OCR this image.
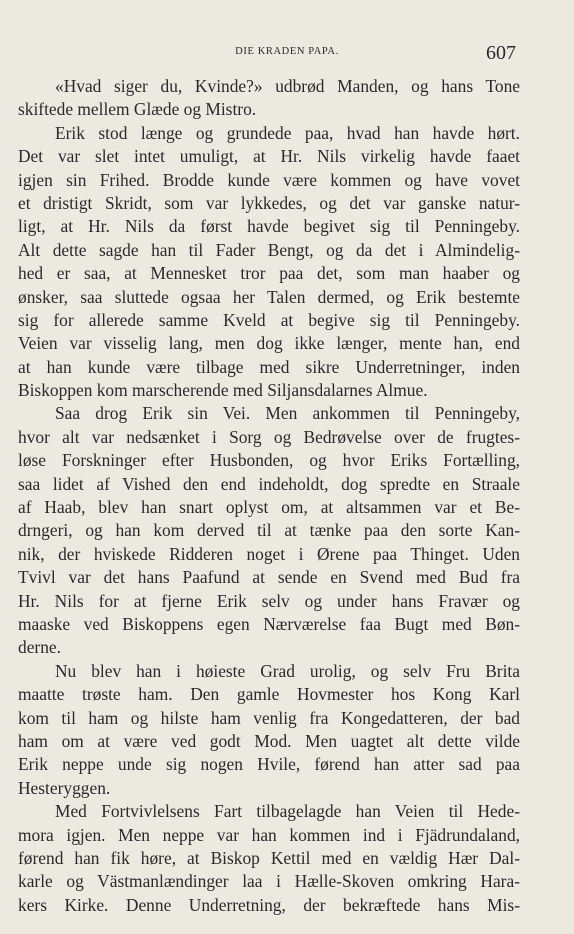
DIE KRADEN PAPA.	607
«Hvad siger du, Kvinde?» udbrød Manden, og hans Tone
skiftede mellem Glæde og Mistro.
Erik stod længe og grundede paa, hvad han havde hørt.
Det var slet intet umuligt, at Hr. Nils virkelig havde faaet
igjen sin Frihed. Brodde kunde være kommen og have vovet
et dristigt Skridt, som var lykkedes, og det var ganske natur-
ligt, at Hr. Nils da først havde begivet sig til Penningeby.
Alt dette sagde han til Fader Bengt, og da det i Almindelig-
hed er saa, at Mennesket tror paa det, som man haaber og
ønsker, saa sluttede ogsaa her Talen dermed, og Erik bestemte
sig for allerede samme Kveld at begive sig til Penningeby.
Veien var visselig lang, men dog ikke længer, mente han, end
at han kunde være tilbage med sikre Underretninger, inden
Biskoppen kom marscherende med Siljansdalarnes Almue.
Saa drog Erik sin Vei. Men ankommen til Penningeby,
hvor alt var nedsænket i Sorg og Bedrøvelse over de frugtes-
løse Forskninger efter Husbonden, og hvor Eriks Fortælling,
saa lidet af Vished den end indeholdt, dog spredte en Straale
af Haab, blev han snart oplyst om, at altsammen var et Be-
drngeri, og han kom derved til at tænke paa den sorte Kan-
nik, der hviskede Ridderen noget i Ørene paa Thinget. Uden
Tvivl var det hans Paafund at sende en Svend med Bud fra
Hr. Nils for at fjerne Erik selv og under hans Fravær og
maaske ved Biskoppens egen Nærværelse faa Bugt med Bøn-
derne.
Nu blev han i høieste Grad urolig, og selv Fru Brita
maatte trøste ham. Den gamle Hovmester hos Kong Karl
kom til ham og hilste ham venlig fra Kongedatteren, der bad
ham om at være ved godt Mod. Men uagtet alt dette vilde
Erik neppe unde sig nogen Hvile, førend han atter sad paa
Hesteryggen.
Med Fortvivlelsens Fart tilbagelagde han Veien til Hede-
mora igjen. Men neppe var han kommen ind i Fjädrundaland,
førend han fik høre, at Biskop Kettil med en vældig Hær Dal-
karle og Västmanlændinger laa i Hælle-Skoven omkring Hara-
kers Kirke. Denne Underretning, der bekræftede hans Mis-
